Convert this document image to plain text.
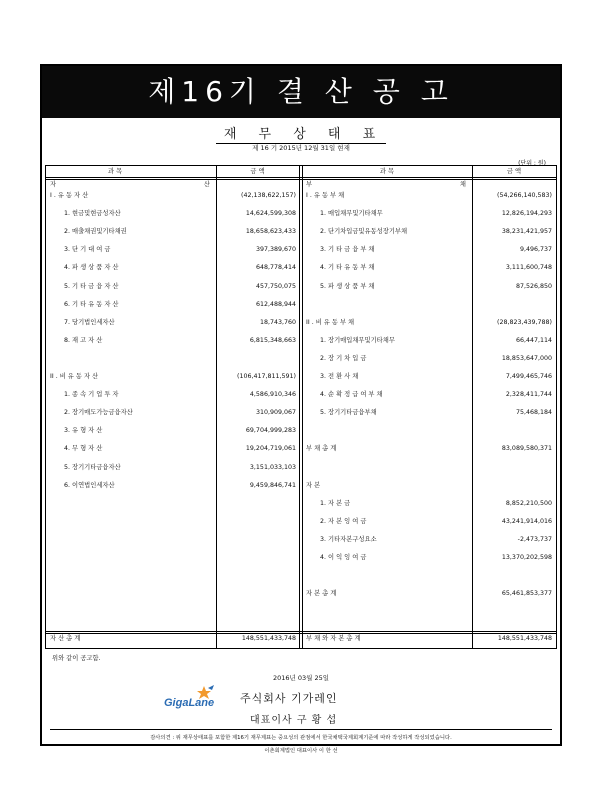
제16기 결 산 공 고
재 무 상 태 표
제 16 기 2015년 12월 31일 현재
(단위 : 원)
과 목	금 액	과 목	금 액
자	산	부	채
I . 유 동 자 산	(42,138,622,157)
1. 현금및현금성자산	14,624,599,308
2. 매출채권및기타채권	18,658,623,433
3. 단 기 대 여 금	397,389,670
4. 파 생 상 품 자 산	648,778,414
5. 기 타 금 융 자 산	457,750,075
6. 기 타 유 동 자 산	612,488,944
7. 당기법인세자산	18,743,760
8. 재 고 자 산	6,815,348,663
II . 비 유 동 자 산	(106,417,811,591)
1. 종 속 기 업 투 자	4,586,910,346
2. 장기매도가능금융자산	310,909,067
3. 유 형 자 산	69,704,999,283
4. 무 형 자 산	19,204,719,061
5. 장기기타금융자산	3,151,033,103
6. 이연법인세자산	9,459,846,741
I . 유 동 부 채	(54,266,140,583)
1. 매입채무및기타채무	12,826,194,293
2. 단기차입금및유동성장기부채	38,231,421,957
3. 기 타 금 융 부 채	9,496,737
4. 기 타 유 동 부 채	3,111,600,748
5. 파 생 상 품 부 채	87,526,850
II . 비 유 동 부 채	(28,823,439,788)
1. 장기매입채무및기타채무	66,447,114
2. 장 기 차 입 금	18,853,647,000
3. 전 환 사 채	7,499,465,746
4. 순 확 정 급 여 부 채	2,328,411,744
5. 장기기타금융부채	75,468,184
부 채 총 계	83,089,580,371
자 본
1. 자 본 금	8,852,210,500
2. 자 본 잉 여 금	43,241,914,016
3. 기타자본구성요소	-2,473,737
4. 이 익 잉 여 금	13,370,202,598
자 본 총 계	65,461,853,377
자 산 총 계	148,551,433,748 부 채 와 자 본 총 계	148,551,433,748
위와 같이 공고함.
2016년 03월 25일
GigaLane 주식회사 기가레인
대표이사 구 황 섭
감사의견 : 위 재무상태표를 포함한 제16기 재무제표는 중요성의 관점에서 한국채택국제회계기준에 따라 작성하게 작성되었습니다.
이촌회계법인 대표이사 이 한 선
